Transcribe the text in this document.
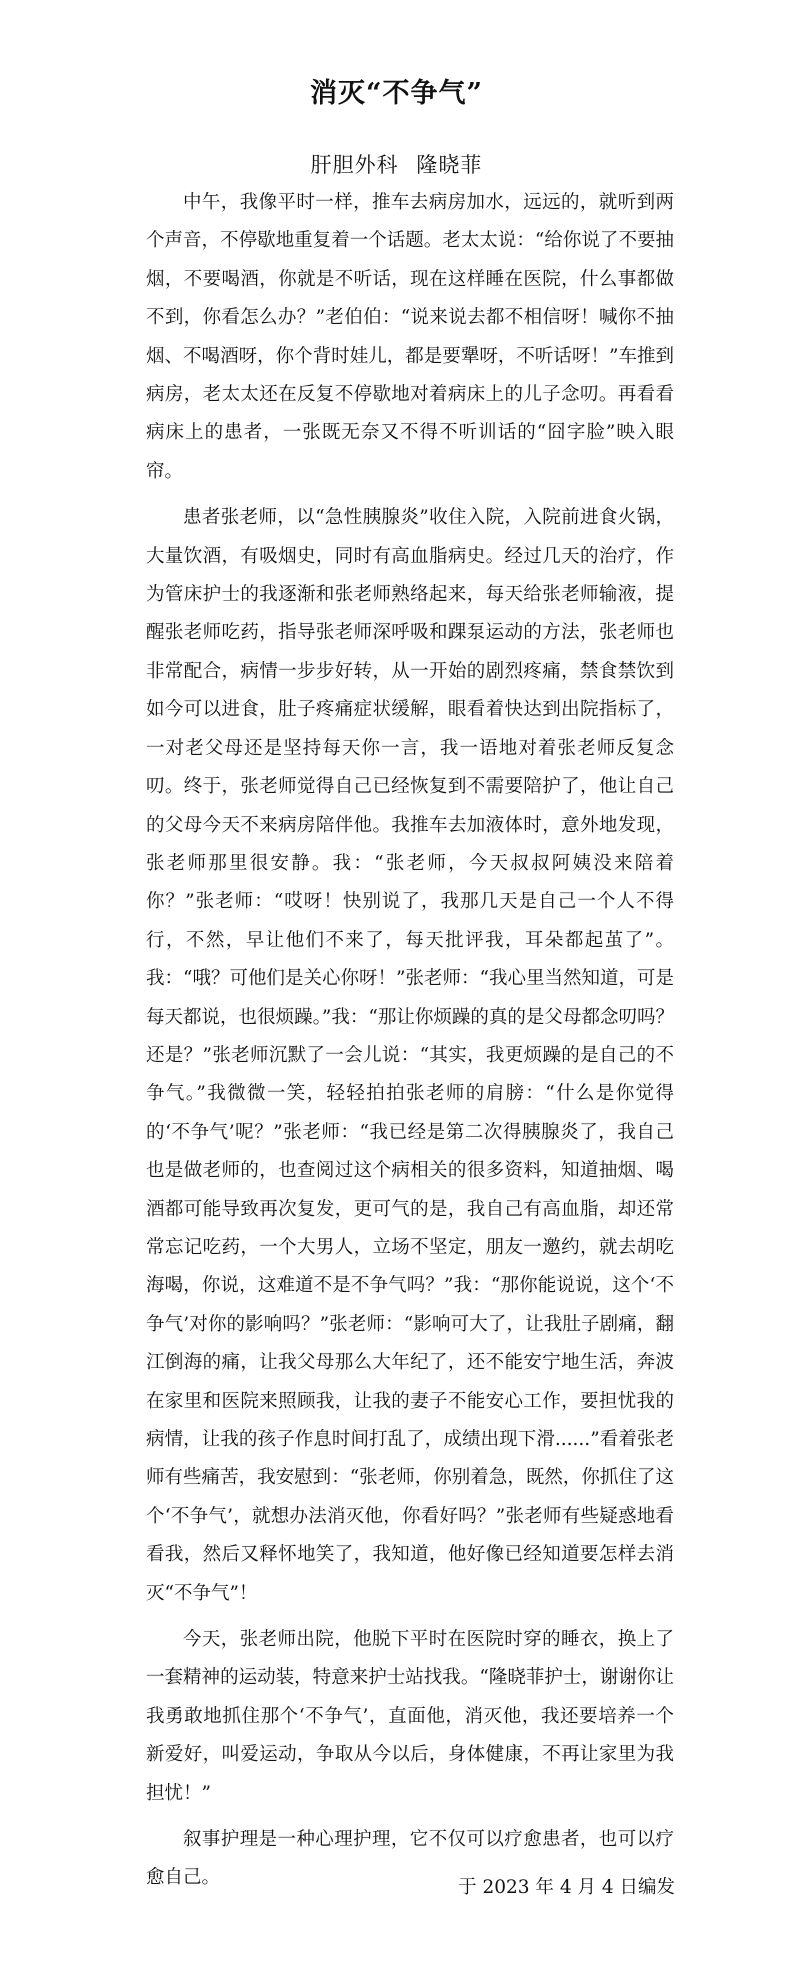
消灭“不争气”
肝胆外科 隆晓菲

中午，我像平时一样，推车去病房加水，远远的，就听到两个声音，不停歇地重复着一个话题。老太太说：“给你说了不要抽烟，不要喝酒，你就是不听话，现在这样睡在医院，什么事都做不到，你看怎么办？”老伯伯：“说来说去都不相信呀！喊你不抽烟、不喝酒呀，你个背时娃儿，都是要犟呀，不听话呀！”车推到病房，老太太还在反复不停歇地对着病床上的儿子念叨。再看看病床上的患者，一张既无奈又不得不听训话的“囧字脸”映入眼帘。

患者张老师，以“急性胰腺炎”收住入院，入院前进食火锅，大量饮酒，有吸烟史，同时有高血脂病史。经过几天的治疗，作为管床护士的我逐渐和张老师熟络起来，每天给张老师输液，提醒张老师吃药，指导张老师深呼吸和踝泵运动的方法，张老师也非常配合，病情一步步好转，从一开始的剧烈疼痛，禁食禁饮到如今可以进食，肚子疼痛症状缓解，眼看着快达到出院指标了，一对老父母还是坚持每天你一言，我一语地对着张老师反复念叨。终于，张老师觉得自己已经恢复到不需要陪护了，他让自己的父母今天不来病房陪伴他。我推车去加液体时，意外地发现，张老师那里很安静。我：“张老师，今天叔叔阿姨没来陪着你？”张老师：“哎呀！快别说了，我那几天是自己一个人不得行，不然，早让他们不来了，每天批评我，耳朵都起茧了”。我：“哦？可他们是关心你呀！”张老师：“我心里当然知道，可是每天都说，也很烦躁。”我：“那让你烦躁的真的是父母都念叨吗？还是？”张老师沉默了一会儿说：“其实，我更烦躁的是自己的不争气。”我微微一笑，轻轻拍拍张老师的肩膀：“什么是你觉得的‘不争气’呢？”张老师：“我已经是第二次得胰腺炎了，我自己也是做老师的，也查阅过这个病相关的很多资料，知道抽烟、喝酒都可能导致再次复发，更可气的是，我自己有高血脂，却还常常忘记吃药，一个大男人，立场不坚定，朋友一邀约，就去胡吃海喝，你说，这难道不是不争气吗？”我：“那你能说说，这个‘不争气’对你的影响吗？”张老师：“影响可大了，让我肚子剧痛，翻江倒海的痛，让我父母那么大年纪了，还不能安宁地生活，奔波在家里和医院来照顾我，让我的妻子不能安心工作，要担忧我的病情，让我的孩子作息时间打乱了，成绩出现下滑......”看着张老师有些痛苦，我安慰到：“张老师，你别着急，既然，你抓住了这个‘不争气’，就想办法消灭他，你看好吗？”张老师有些疑惑地看看我，然后又释怀地笑了，我知道，他好像已经知道要怎样去消灭“不争气”！

今天，张老师出院，他脱下平时在医院时穿的睡衣，换上了一套精神的运动装，特意来护士站找我。“隆晓菲护士，谢谢你让我勇敢地抓住那个‘不争气’，直面他，消灭他，我还要培养一个新爱好，叫爱运动，争取从今以后，身体健康，不再让家里为我担忧！”

叙事护理是一种心理护理，它不仅可以疗愈患者，也可以疗愈自己。	于 2023 年 4 月 4 日编发
